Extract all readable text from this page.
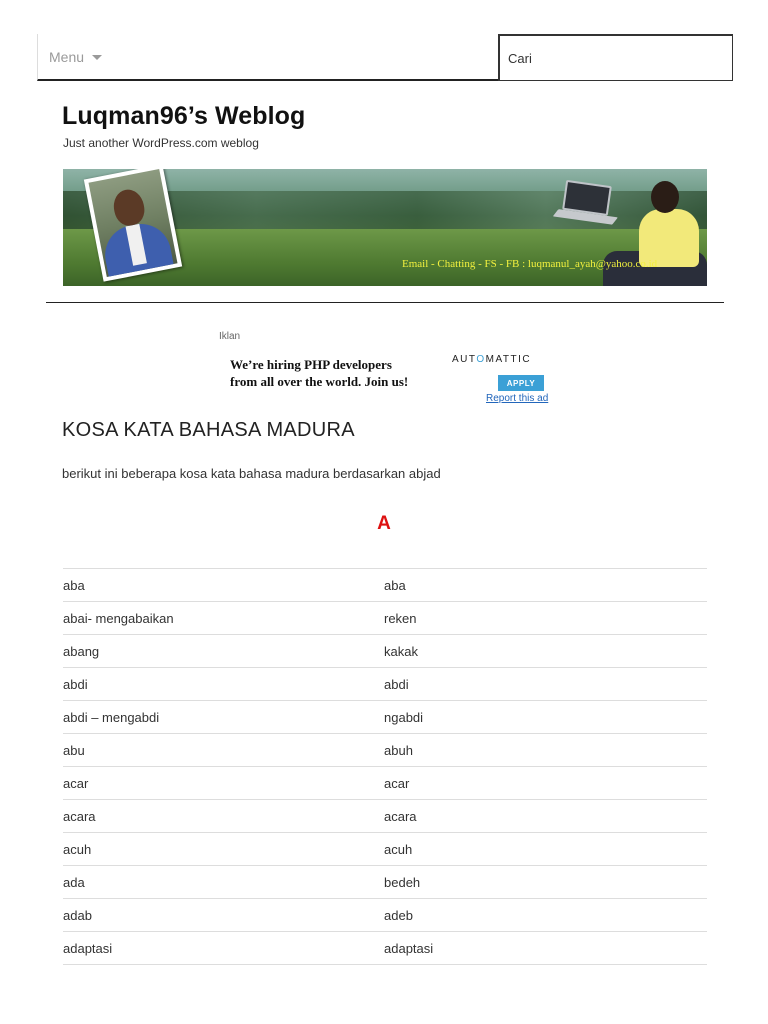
Menu
Cari
Luqman96’s Weblog
Just another WordPress.com weblog
Email - Chatting - FS - FB : luqmanul_ayah@yahoo.co.id
Iklan
We’re hiring PHP developers
from all over the world. Join us!
AUTOMATTIC
APPLY
Report this ad
KOSA KATA BAHASA MADURA
berikut ini beberapa kosa kata bahasa madura berdasarkan abjad
A
aba	aba
abai- mengabaikan	reken
abang	kakak
abdi	abdi
abdi – mengabdi	ngabdi
abu	abuh
acar	acar
acara	acara
acuh	acuh
ada	bedeh
adab	adeb
adaptasi	adaptasi
